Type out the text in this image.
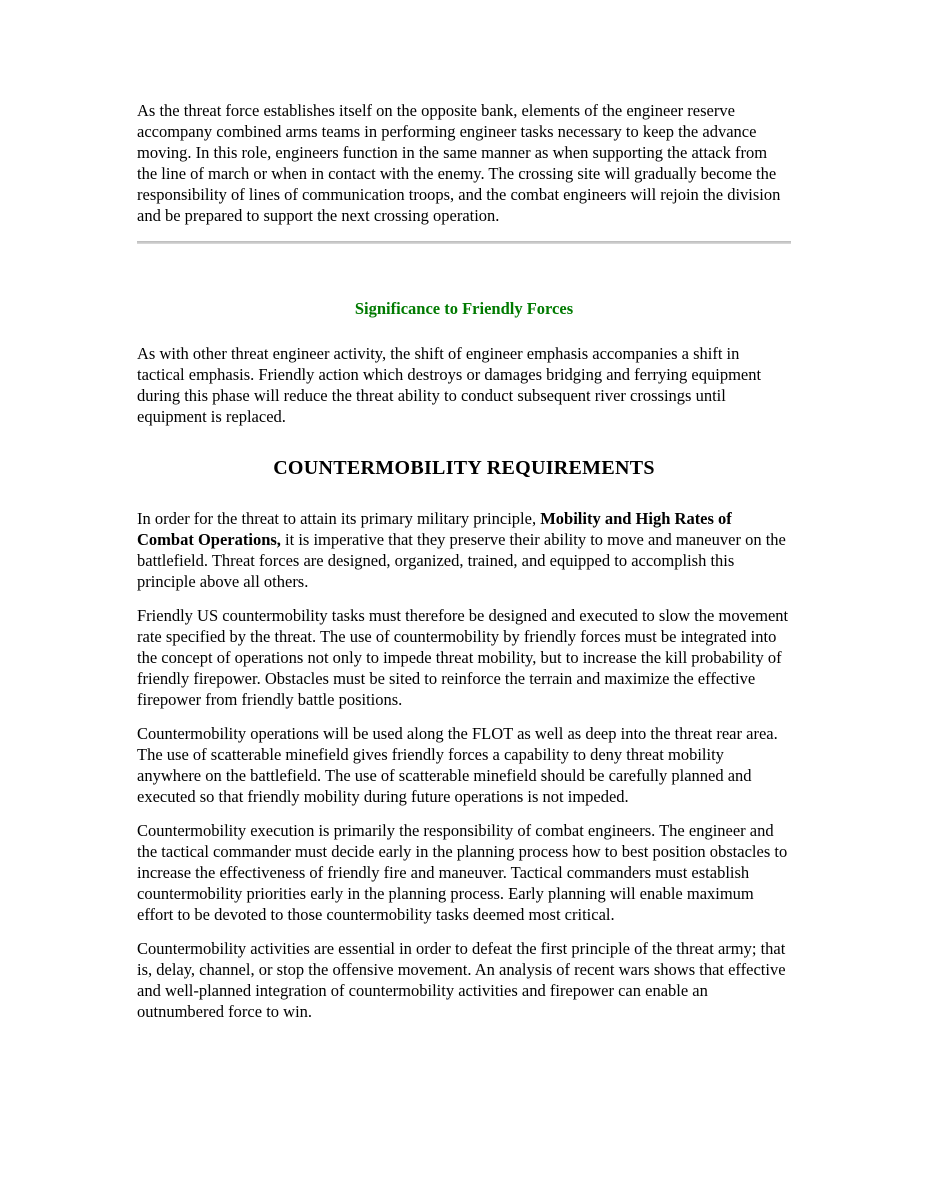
As the threat force establishes itself on the opposite bank, elements of the engineer reserve accompany combined arms teams in performing engineer tasks necessary to keep the advance moving. In this role, engineers function in the same manner as when supporting the attack from the line of march or when in contact with the enemy. The crossing site will gradually become the responsibility of lines of communication troops, and the combat engineers will rejoin the division and be prepared to support the next crossing operation.

Significance to Friendly Forces

As with other threat engineer activity, the shift of engineer emphasis accompanies a shift in tactical emphasis. Friendly action which destroys or damages bridging and ferrying equipment during this phase will reduce the threat ability to conduct subsequent river crossings until equipment is replaced.

COUNTERMOBILITY REQUIREMENTS

In order for the threat to attain its primary military principle, Mobility and High Rates of Combat Operations, it is imperative that they preserve their ability to move and maneuver on the battlefield. Threat forces are designed, organized, trained, and equipped to accomplish this principle above all others.

Friendly US countermobility tasks must therefore be designed and executed to slow the movement rate specified by the threat. The use of countermobility by friendly forces must be integrated into the concept of operations not only to impede threat mobility, but to increase the kill probability of friendly firepower. Obstacles must be sited to reinforce the terrain and maximize the effective firepower from friendly battle positions.

Countermobility operations will be used along the FLOT as well as deep into the threat rear area. The use of scatterable minefield gives friendly forces a capability to deny threat mobility anywhere on the battlefield. The use of scatterable minefield should be carefully planned and executed so that friendly mobility during future operations is not impeded.

Countermobility execution is primarily the responsibility of combat engineers. The engineer and the tactical commander must decide early in the planning process how to best position obstacles to increase the effectiveness of friendly fire and maneuver. Tactical commanders must establish countermobility priorities early in the planning process. Early planning will enable maximum effort to be devoted to those countermobility tasks deemed most critical.

Countermobility activities are essential in order to defeat the first principle of the threat army; that is, delay, channel, or stop the offensive movement. An analysis of recent wars shows that effective and well-planned integration of countermobility activities and firepower can enable an outnumbered force to win.
